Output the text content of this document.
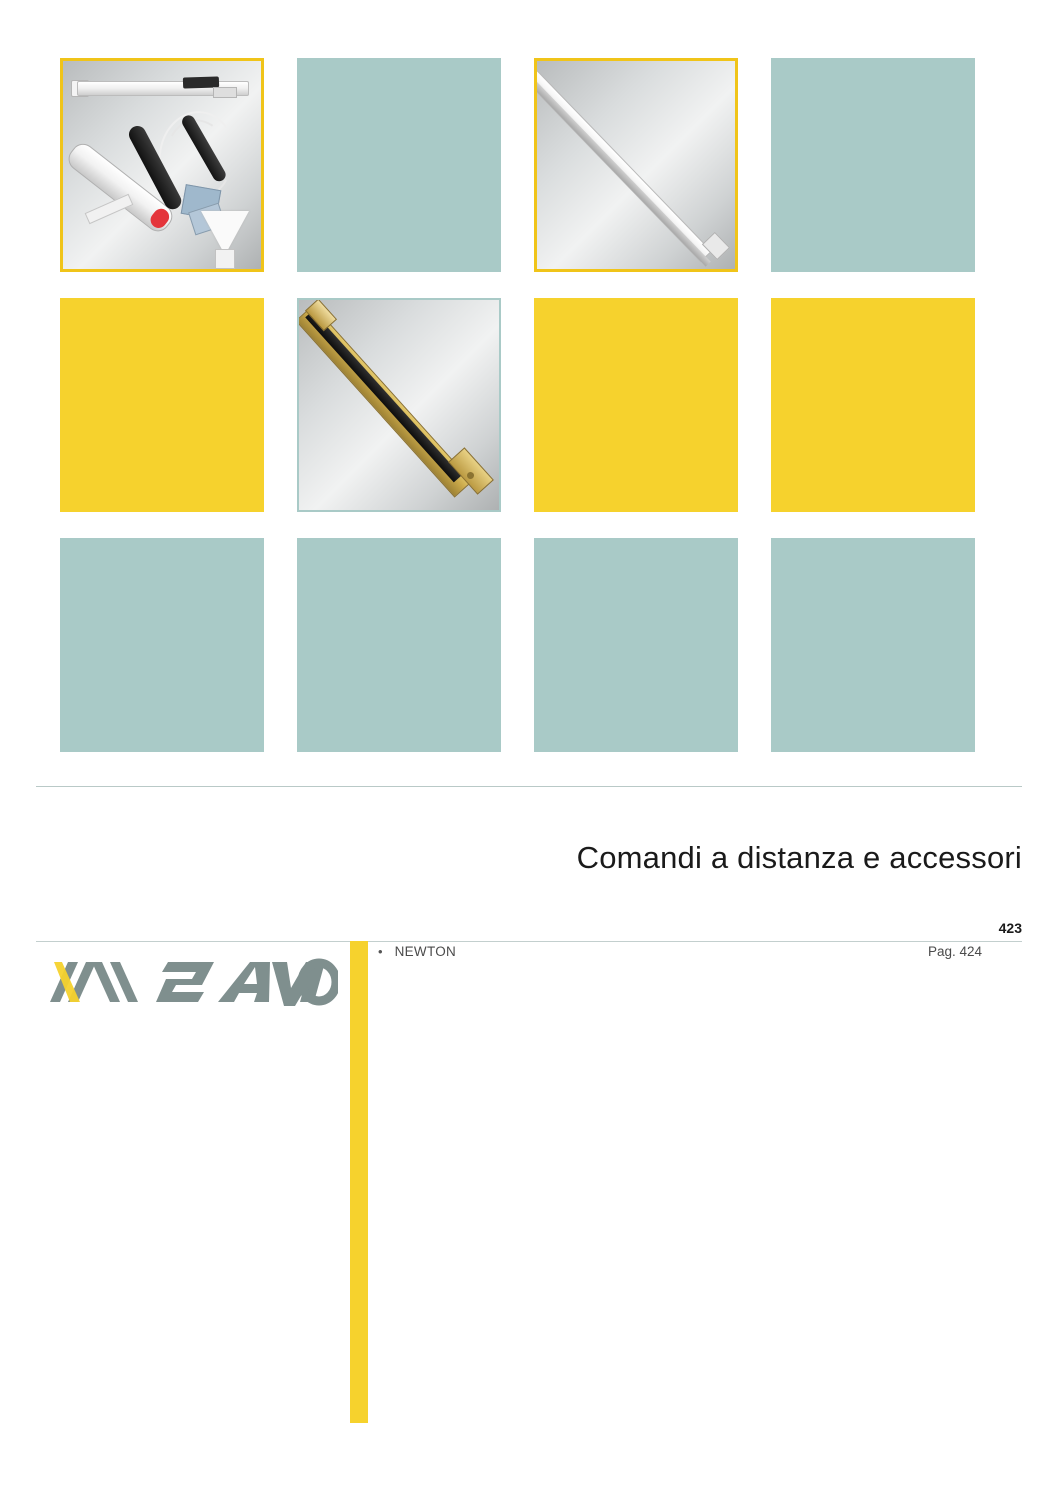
Comandi a distanza e accessori
423
• NEWTON	Pag. 424
